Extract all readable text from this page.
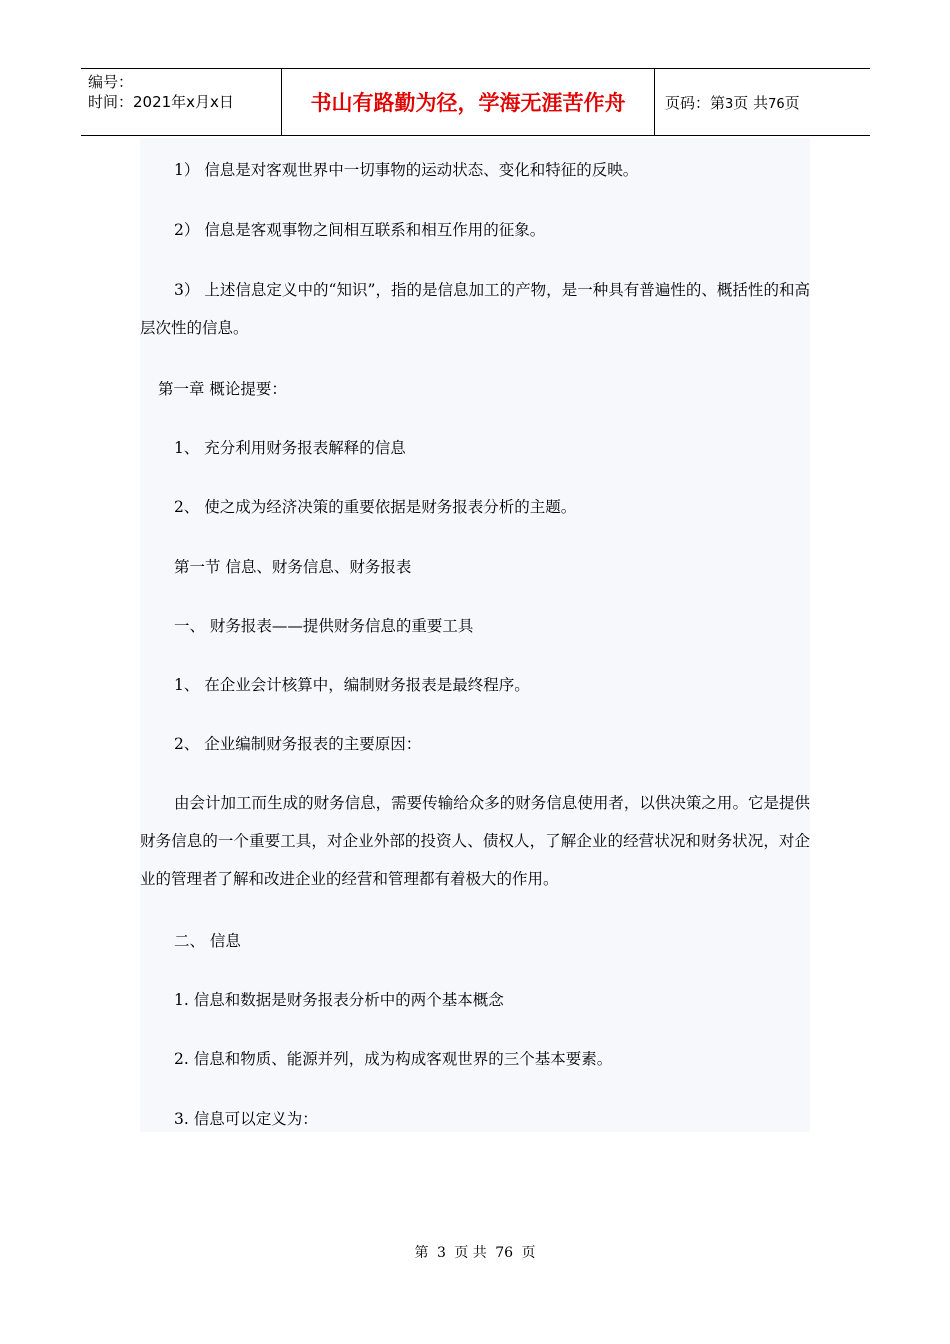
编号：
时间：2021年x月x日	书山有路勤为径，学海无涯苦作舟	页码：第3页 共76页

1） 信息是对客观世界中一切事物的运动状态、变化和特征的反映。

2） 信息是客观事物之间相互联系和相互作用的征象。

3） 上述信息定义中的“知识”，指的是信息加工的产物，是一种具有普遍性的、概括性的和高层次性的信息。

第一章 概论提要：

1、 充分利用财务报表解释的信息

2、 使之成为经济决策的重要依据是财务报表分析的主题。

第一节 信息、财务信息、财务报表

一、 财务报表——提供财务信息的重要工具

1、 在企业会计核算中，编制财务报表是最终程序。

2、 企业编制财务报表的主要原因：

由会计加工而生成的财务信息，需要传输给众多的财务信息使用者，以供决策之用。它是提供财务信息的一个重要工具，对企业外部的投资人、债权人，了解企业的经营状况和财务状况，对企业的管理者了解和改进企业的经营和管理都有着极大的作用。

二、 信息

1. 信息和数据是财务报表分析中的两个基本概念

2. 信息和物质、能源并列，成为构成客观世界的三个基本要素。

3. 信息可以定义为：

第 3 页 共 76 页
